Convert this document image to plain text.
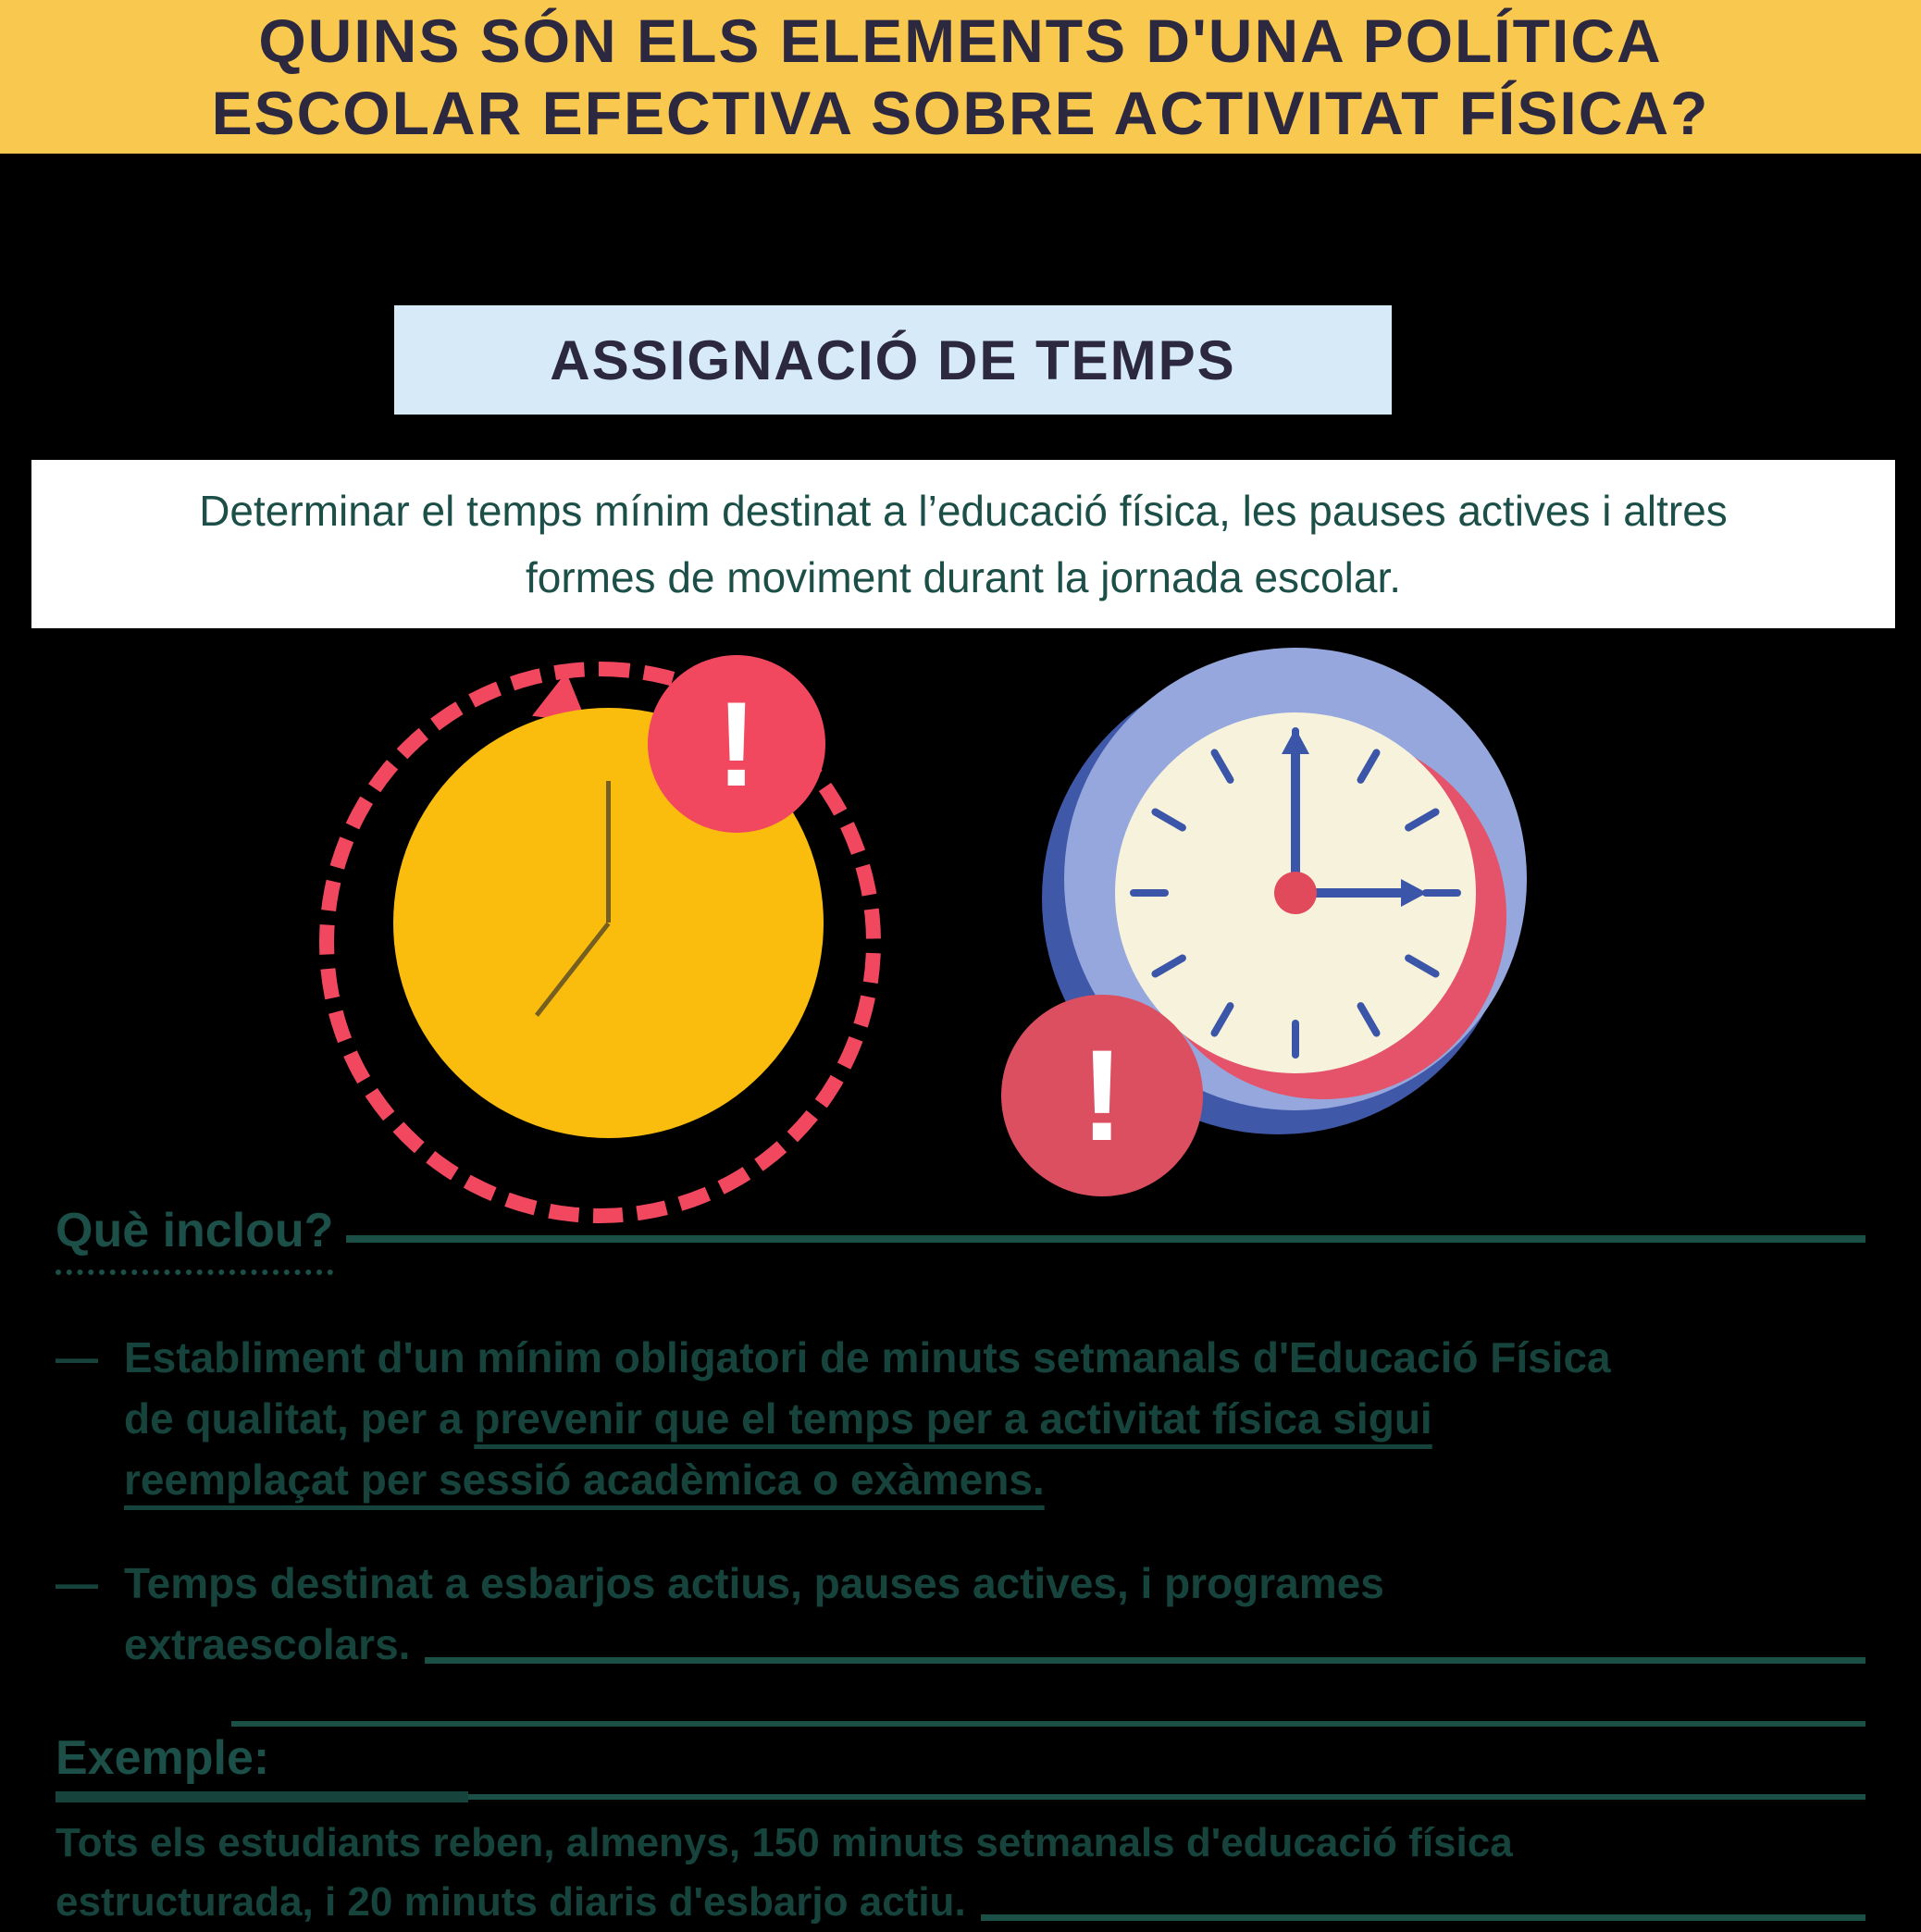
QUINS SÓN ELS ELEMENTS D'UNA POLÍTICA
ESCOLAR EFECTIVA SOBRE ACTIVITAT FÍSICA?
ASSIGNACIÓ DE TEMPS
Determinar el temps mínim destinat a l’educació física, les pauses actives i altres
formes de moviment durant la jornada escolar.
!
!
Què inclou?
— Establiment d'un mínim obligatori de minuts setmanals d'Educació Física
de qualitat, per a prevenir que el temps per a activitat física sigui
reemplaçat per sessió acadèmica o exàmens.
— Temps destinat a esbarjos actius, pauses actives, i programes
extraescolars.
Exemple:
Tots els estudiants reben, almenys, 150 minuts setmanals d'educació física
estructurada, i 20 minuts diaris d'esbarjo actiu.
